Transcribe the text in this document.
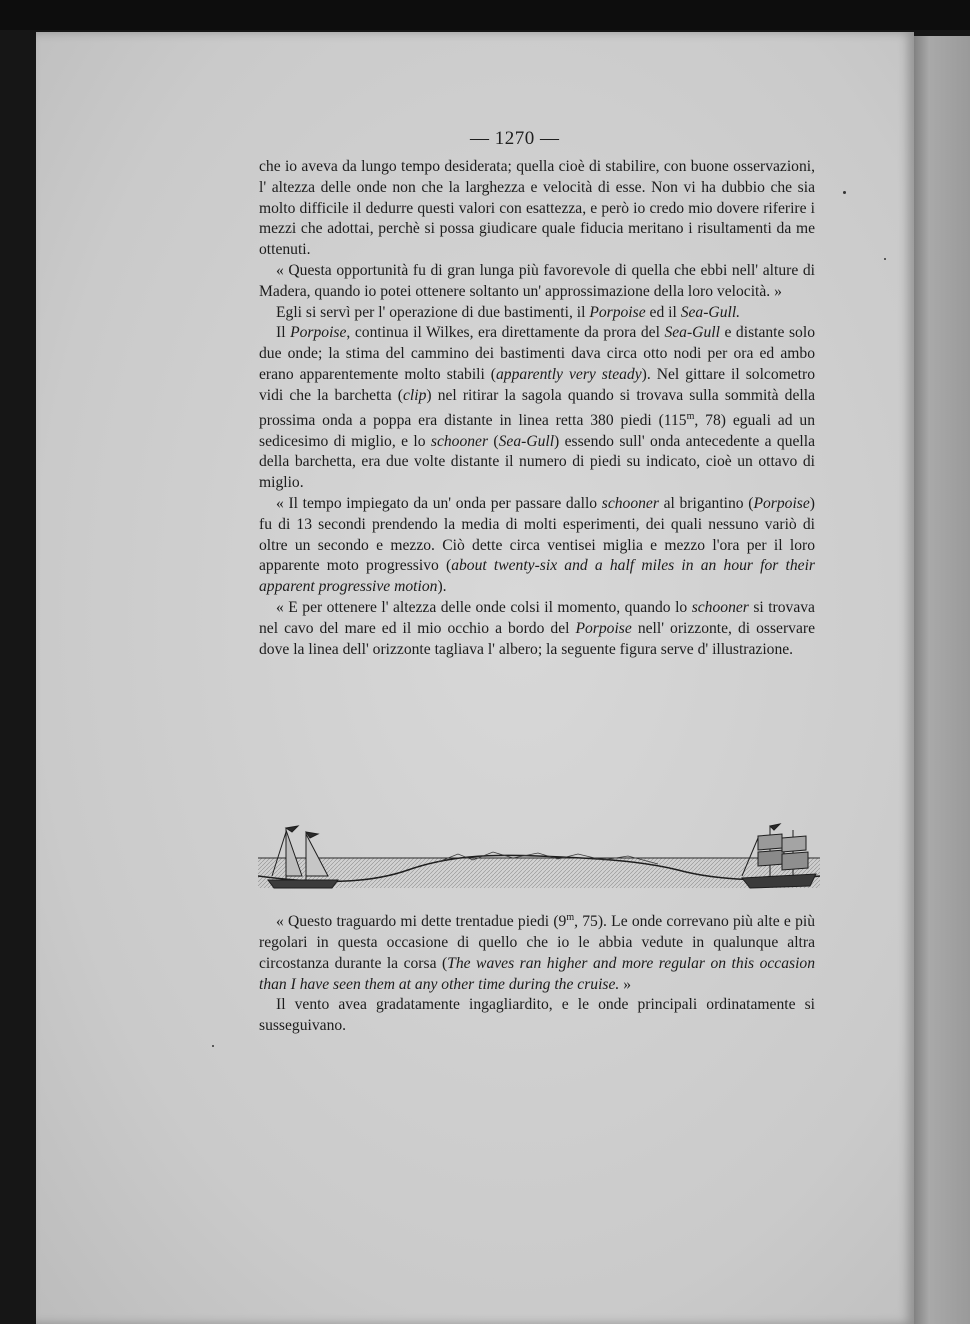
— 1270 —

che io aveva da lungo tempo desiderata; quella cioè di stabilire, con buone osservazioni, l' altezza delle onde non che la larghezza e velocità di esse. Non vi ha dubbio che sia molto difficile il dedurre questi valori con esattezza, e però io credo mio dovere riferire i mezzi che adottai, perchè si possa giudicare quale fiducia meritano i risultamenti da me ottenuti.

« Questa opportunità fu di gran lunga più favorevole di quella che ebbi nell' alture di Madera, quando io potei ottenere soltanto un' approssimazione della loro velocità. »

Egli si servì per l' operazione di due bastimenti, il Porpoise ed il Sea-Gull.

Il Porpoise, continua il Wilkes, era direttamente da prora del Sea-Gull e distante solo due onde; la stima del cammino dei bastimenti dava circa otto nodi per ora ed ambo erano apparentemente molto stabili (apparently very steady). Nel gittare il solcometro vidi che la barchetta (clip) nel ritirar la sagola quando si trovava sulla sommità della prossima onda a poppa era distante in linea retta 380 piedi (115$^m$, 78) eguali ad un sedicesimo di miglio, e lo schooner (Sea-Gull) essendo sull' onda antecedente a quella della barchetta, era due volte distante il numero di piedi su indicato, cioè un ottavo di miglio.

« Il tempo impiegato da un' onda per passare dallo schooner al brigantino (Porpoise) fu di 13 secondi prendendo la media di molti esperimenti, dei quali nessuno variò di oltre un secondo e mezzo. Ciò dette circa ventisei miglia e mezzo l'ora per il loro apparente moto progressivo (about twenty-six and a half miles in an hour for their apparent progressive motion).

« E per ottenere l' altezza delle onde colsi il momento, quando lo schooner si trovava nel cavo del mare ed il mio occhio a bordo del Porpoise nell' orizzonte, di osservare dove la linea dell' orizzonte tagliava l' albero; la seguente figura serve d' illustrazione.

« Questo traguardo mi dette trentadue piedi (9$^m$, 75). Le onde correvano più alte e più regolari in questa occasione di quello che io le abbia vedute in qualunque altra circostanza durante la corsa (The waves ran higher and more regular on this occasion than I have seen them at any other time during the cruise. »

Il vento avea gradatamente ingagliardito, e le onde principali ordinatamente si susseguivano.
